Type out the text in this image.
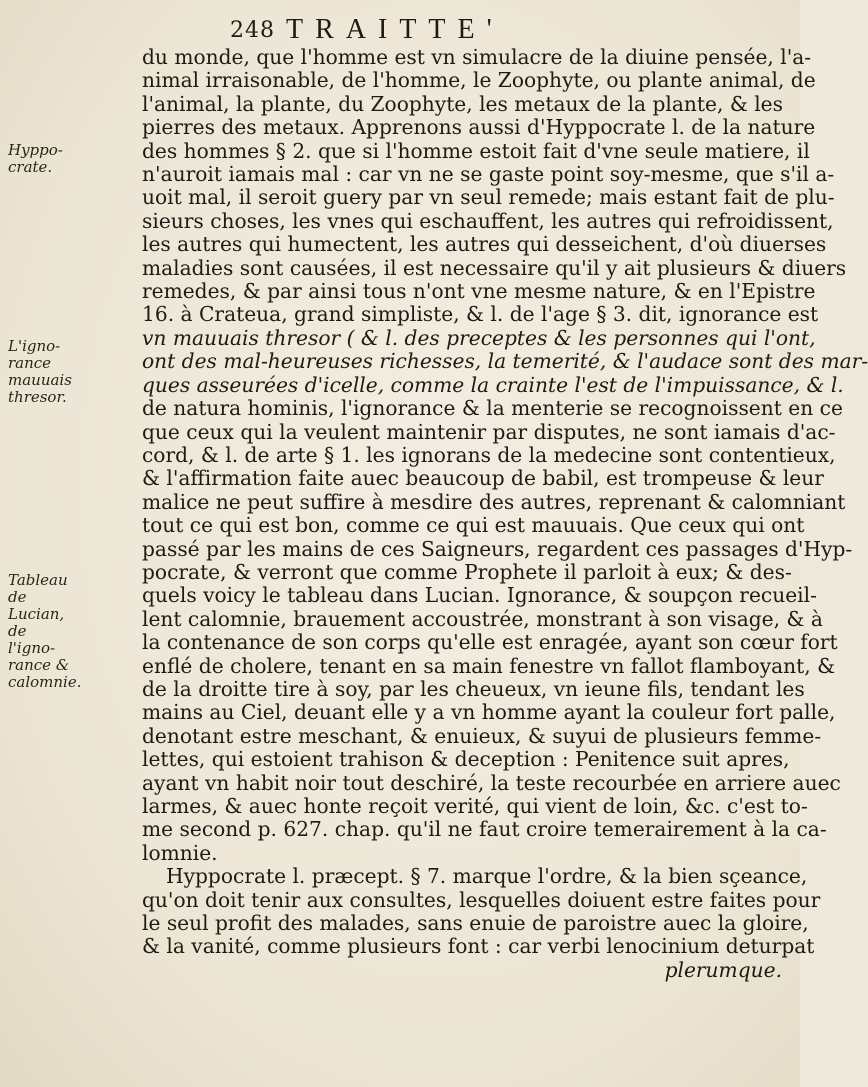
248 TRAITTE'
Hyppo-
crate.
L'igno-
rance
mauuais
thresor.
Tableau
de Lucian,
de l'igno-
rance &
calomnie.
du monde, que l'homme est vn simulacre de la diuine pensée, l'a-
nimal irraisonable, de l'homme, le Zoophyte, ou plante animal, de
l'animal, la plante, du Zoophyte, les metaux de la plante, & les
pierres des metaux. Apprenons aussi d'Hyppocrate l. de la nature
des hommes § 2. que si l'homme estoit fait d'vne seule matiere, il
n'auroit iamais mal : car vn ne se gaste point soy-mesme, que s'il a-
uoit mal, il seroit guery par vn seul remede; mais estant fait de plu-
sieurs choses, les vnes qui eschauffent, les autres qui refroidissent,
les autres qui humectent, les autres qui desseichent, d'où diuerses
maladies sont causées, il est necessaire qu'il y ait plusieurs & diuers
remedes, & par ainsi tous n'ont vne mesme nature, & en l'Epistre
16. à Crateua, grand simpliste, & l. de l'age § 3. dit, ignorance est
vn mauuais thresor ( & l. des preceptes & les personnes qui l'ont,
ont des mal-heureuses richesses, la temerité, & l'audace sont des mar-
ques asseurées d'icelle, comme la crainte l'est de l'impuissance, & l.
de natura hominis, l'ignorance & la menterie se recognoissent en ce
que ceux qui la veulent maintenir par disputes, ne sont iamais d'ac-
cord, & l. de arte § 1. les ignorans de la medecine sont contentieux,
& l'affirmation faite auec beaucoup de babil, est trompeuse & leur
malice ne peut suffire à mesdire des autres, reprenant & calomniant
tout ce qui est bon, comme ce qui est mauuais. Que ceux qui ont
passé par les mains de ces Saigneurs, regardent ces passages d'Hyp-
pocrate, & verront que comme Prophete il parloit à eux; & des-
quels voicy le tableau dans Lucian. Ignorance, & soupçon recueil-
lent calomnie, brauement accoustrée, monstrant à son visage, & à
la contenance de son corps qu'elle est enragée, ayant son cœur fort
enflé de cholere, tenant en sa main fenestre vn fallot flamboyant, &
de la droitte tire à soy, par les cheueux, vn ieune fils, tendant les
mains au Ciel, deuant elle y a vn homme ayant la couleur fort palle,
denotant estre meschant, & enuieux, & suyui de plusieurs femme-
lettes, qui estoient trahison & deception : Penitence suit apres,
ayant vn habit noir tout deschiré, la teste recourbée en arriere auec
larmes, & auec honte reçoit verité, qui vient de loin, &c. c'est to-
me second p. 627. chap. qu'il ne faut croire temerairement à la ca-
lomnie.
Hyppocrate l. præcept. § 7. marque l'ordre, & la bien sçeance,
qu'on doit tenir aux consultes, lesquelles doiuent estre faites pour
le seul profit des malades, sans enuie de paroistre auec la gloire,
& la vanité, comme plusieurs font : car verbi lenocinium deturpat
plerumque.
